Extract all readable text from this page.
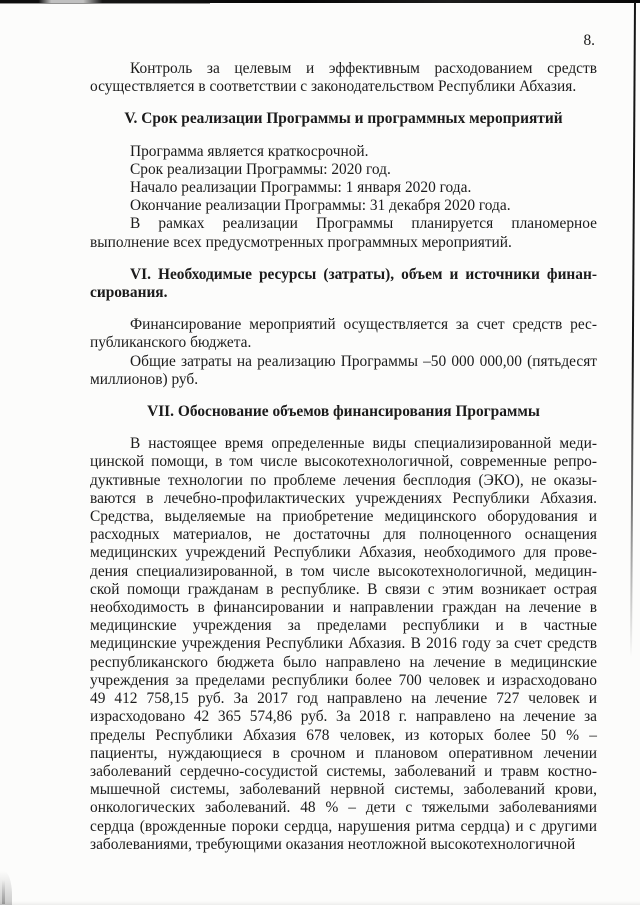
8.
Контроль за целевым и эффективным расходованием средств
осуществляется в соответствии с законодательством Республики Абхазия.
V. Срок реализации Программы и программных мероприятий
Программа является краткосрочной.
Срок реализации Программы: 2020 год.
Начало реализации Программы: 1 января 2020 года.
Окончание реализации Программы: 31 декабря 2020 года.
В рамках реализации Программы планируется планомерное
выполнение всех предусмотренных программных мероприятий.
VI. Необходимые ресурсы (затраты), объем и источники финан-
сирования.
Финансирование мероприятий осуществляется за счет средств рес-
публиканского бюджета.
Общие затраты на реализацию Программы –50 000 000,00 (пятьдесят
миллионов) руб.
VII. Обоснование объемов финансирования Программы
В настоящее время определенные виды специализированной меди-
цинской помощи, в том числе высокотехнологичной, современные репро-
дуктивные технологии по проблеме лечения бесплодия (ЭКО), не оказы-
ваются в лечебно-профилактических учреждениях Республики Абхазия.
Средства, выделяемые на приобретение медицинского оборудования и
расходных материалов, не достаточны для полноценного оснащения
медицинских учреждений Республики Абхазия, необходимого для прове-
дения специализированной, в том числе высокотехнологичной, медицин-
ской помощи гражданам в республике. В связи с этим возникает острая
необходимость в финансировании и направлении граждан на лечение в
медицинские учреждения за пределами республики и в частные
медицинские учреждения Республики Абхазия. В 2016 году за счет средств
республиканского бюджета было направлено на лечение в медицинские
учреждения за пределами республики более 700 человек и израсходовано
49 412 758,15 руб. За 2017 год направлено на лечение 727 человек и
израсходовано 42 365 574,86 руб. За 2018 г. направлено на лечение за
пределы Республики Абхазия 678 человек, из которых более 50 % –
пациенты, нуждающиеся в срочном и плановом оперативном лечении
заболеваний сердечно-сосудистой системы, заболеваний и травм костно-
мышечной системы, заболеваний нервной системы, заболеваний крови,
онкологических заболеваний. 48 % – дети с тяжелыми заболеваниями
сердца (врожденные пороки сердца, нарушения ритма сердца) и с другими
заболеваниями, требующими оказания неотложной высокотехнологичной
